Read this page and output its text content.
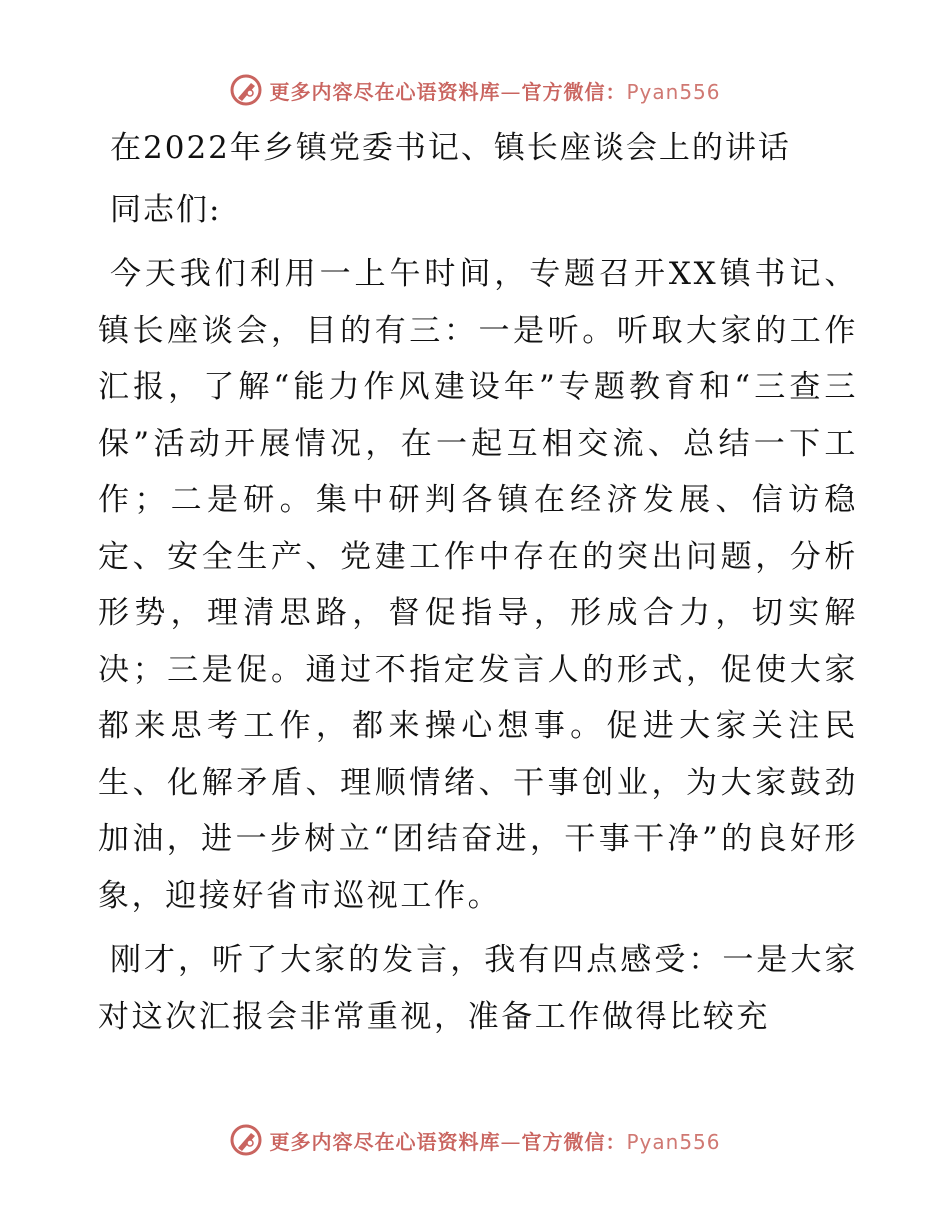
更多内容尽在心语资料库—官方微信：Pyan556
在2022年乡镇党委书记、镇长座谈会上的讲话
同志们:

今天我们利用一上午时间，专题召开XX镇书记、镇长座谈会，目的有三：一是听。听取大家的工作汇报，了解“能力作风建设年”专题教育和“三查三保”活动开展情况，在一起互相交流、总结一下工作；二是研。集中研判各镇在经济发展、信访稳定、安全生产、党建工作中存在的突出问题，分析形势，理清思路，督促指导，形成合力，切实解决；三是促。通过不指定发言人的形式，促使大家都来思考工作，都来操心想事。促进大家关注民生、化解矛盾、理顺情绪、干事创业，为大家鼓劲加油，进一步树立“团结奋进，干事干净”的良好形象，迎接好省市巡视工作。

刚才，听了大家的发言，我有四点感受：一是大家对这次汇报会非常重视，准备工作做得比较充

更多内容尽在心语资料库—官方微信：Pyan556
